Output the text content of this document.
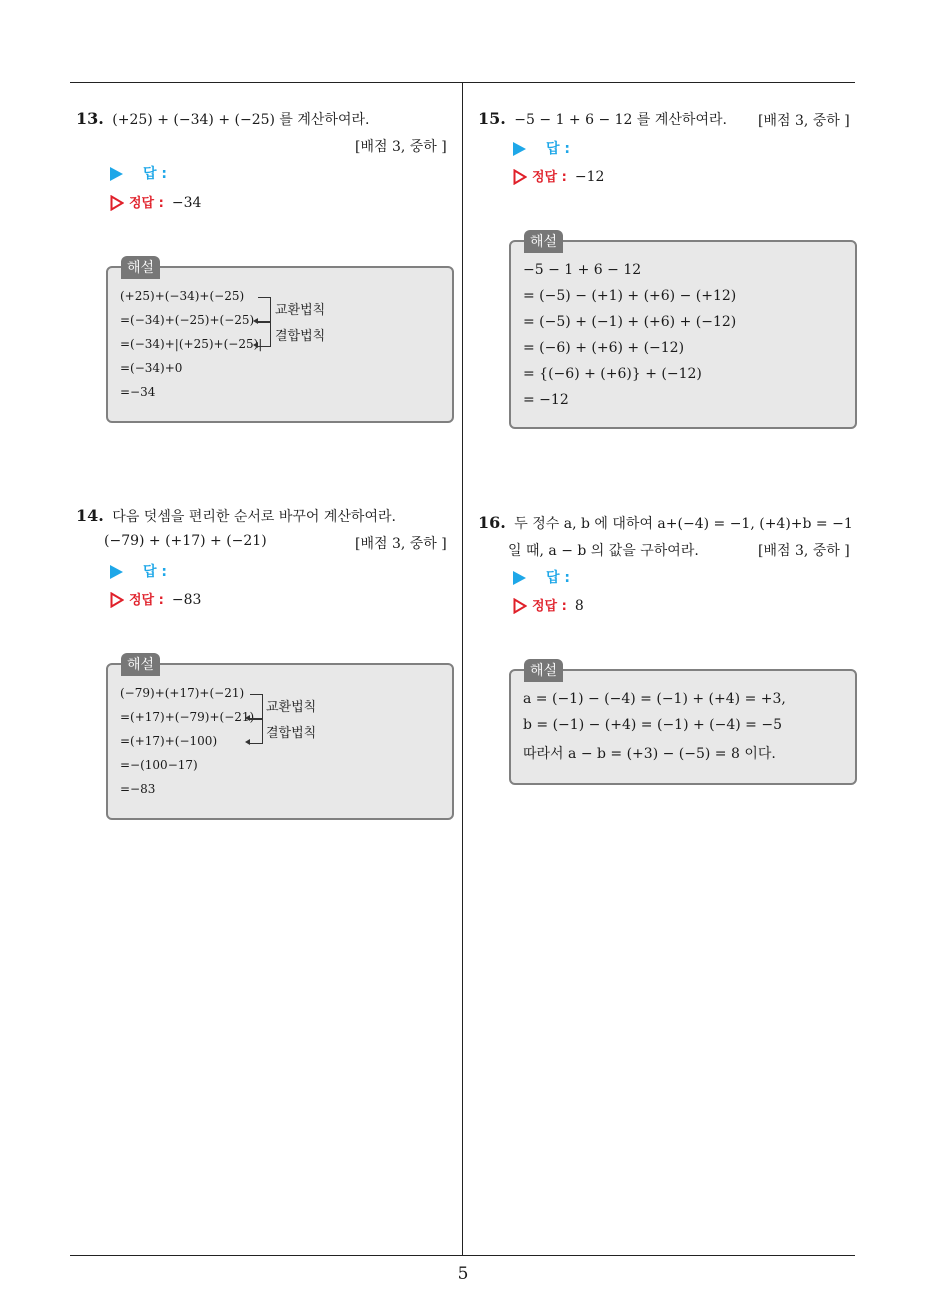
13. (+25) + (−34) + (−25) 를 계산하여라.
[배점 3, 중하 ]
답 :
정답 : −34
해설
(+25)+(−34)+(−25)
=(−34)+(−25)+(−25)
=(−34)+|(+25)+(−25)|
=(−34)+0
=−34
교환법칙
결합법칙
14. 다음 덧셈을 편리한 순서로 바꾸어 계산하여라.
(−79) + (+17) + (−21)	[배점 3, 중하 ]
답 :
정답 : −83
해설
(−79)+(+17)+(−21)
=(+17)+(−79)+(−21)
=(+17)+(−100)
=−(100−17)
=−83
교환법칙
결합법칙
15. −5 − 1 + 6 − 12 를 계산하여라. [배점 3, 중하 ]
답 :
정답 : −12
해설
−5 − 1 + 6 − 12
= (−5) − (+1) + (+6) − (+12)
= (−5) + (−1) + (+6) + (−12)
= (−6) + (+6) + (−12)
= {(−6) + (+6)} + (−12)
= −12
16. 두 정수 a, b 에 대하여 a+(−4) = −1, (+4)+b = −1
일 때, a − b 의 값을 구하여라.	[배점 3, 중하 ]
답 :
정답 : 8
해설
a = (−1) − (−4) = (−1) + (+4) = +3,
b = (−1) − (+4) = (−1) + (−4) = −5
따라서 a − b = (+3) − (−5) = 8 이다.
5
